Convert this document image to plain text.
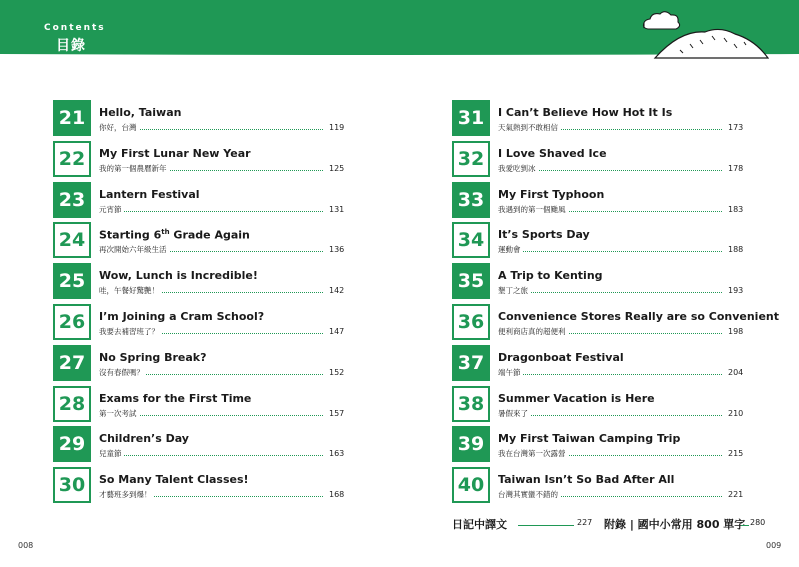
Contents
目錄
21	Hello, Taiwan
你好，台灣	119
22	My First Lunar New Year
我的第一個農曆新年	125
23	Lantern Festival
元宵節	131
24	Starting 6th Grade Again
再次開始六年級生活	136
25	Wow, Lunch is Incredible!
哇，午餐好驚艷！	142
26	I’m Joining a Cram School?
我要去補習班了？	147
27	No Spring Break?
沒有春假嗎？	152
28	Exams for the First Time
第一次考試	157
29	Children’s Day
兒童節	163
30	So Many Talent Classes!
才藝班多到爆！	168
31	I Can’t Believe How Hot It Is
天氣熱到不敢相信	173
32	I Love Shaved Ice
我愛吃剉冰	178
33	My First Typhoon
我遇到的第一個颱風	183
34	It’s Sports Day
運動會	188
35	A Trip to Kenting
墾丁之旅	193
36	Convenience Stores Really are so Convenient
便利商店真的超便利	198
37	Dragonboat Festival
端午節	204
38	Summer Vacation is Here
暑假來了	210
39	My First Taiwan Camping Trip
我在台灣第一次露營	215
40	Taiwan Isn’t So Bad After All
台灣其實蠻不錯的	221
日記中譯文	227 附錄 | 國中小常用 800 單字 280
008	009
